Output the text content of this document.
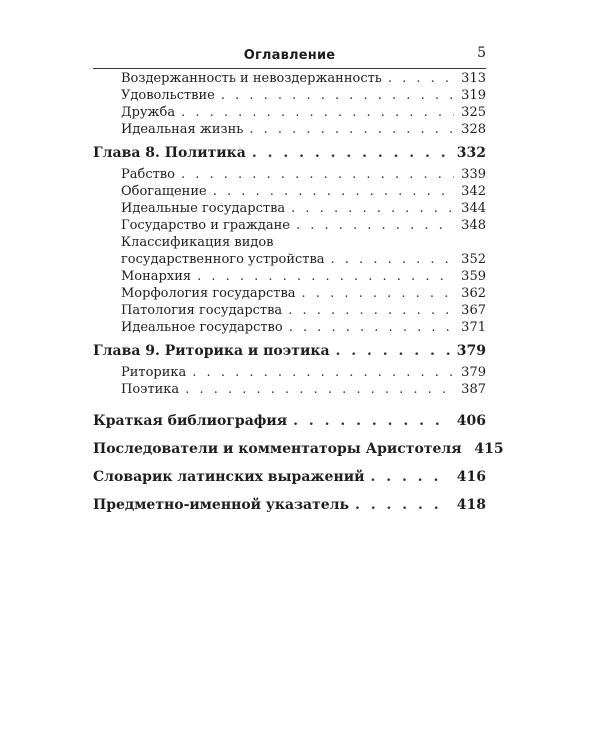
Оглавление	5
Воздержанность и невоздержанность . . .	313
Удовольствие . . .	319
Дружба . . .	325
Идеальная жизнь . . .	328
Глава 8. Политика . . .	332
Рабство . . .	339
Обогащение . . .	342
Идеальные государства . . .	344
Государство и граждане . . .	348
Классификация видов
государственного устройства . . .	352
Монархия . . .	359
Морфология государства . . .	362
Патология государства . . .	367
Идеальное государство . . .	371
Глава 9. Риторика и поэтика . . .	379
Риторика . . .	379
Поэтика . . .	387
Краткая библиография . . .	406
Последователи и комментаторы Аристотеля 415
Словарик латинских выражений . . .	416
Предметно-именной указатель . . .	418
